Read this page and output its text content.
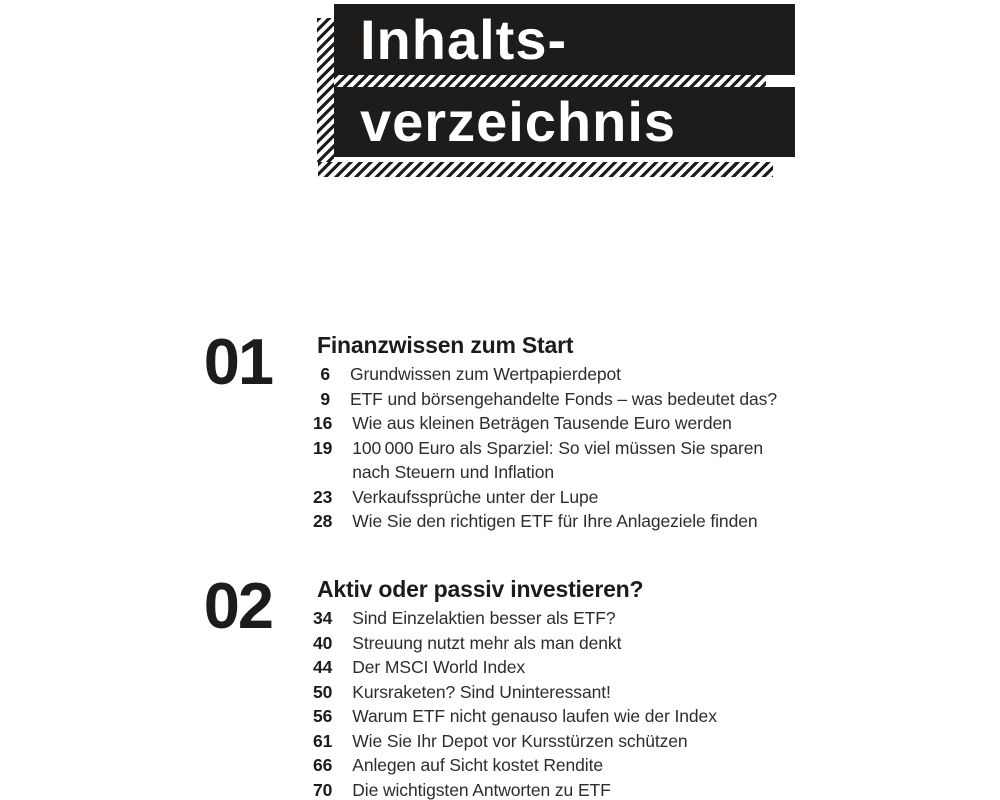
Inhalts-
verzeichnis
01 Finanzwissen zum Start
6 Grundwissen zum Wertpapierdepot
9 ETF und börsengehandelte Fonds – was bedeutet das?
16 Wie aus kleinen Beträgen Tausende Euro werden
19 100 000 Euro als Sparziel: So viel müssen Sie sparen
nach Steuern und Inflation
23 Verkaufssprüche unter der Lupe
28 Wie Sie den richtigen ETF für Ihre Anlageziele finden
02 Aktiv oder passiv investieren?
34 Sind Einzelaktien besser als ETF?
40 Streuung nutzt mehr als man denkt
44 Der MSCI World Index
50 Kursraketen? Sind Uninteressant!
56 Warum ETF nicht genauso laufen wie der Index
61 Wie Sie Ihr Depot vor Kursstürzen schützen
66 Anlegen auf Sicht kostet Rendite
70 Die wichtigsten Antworten zu ETF
